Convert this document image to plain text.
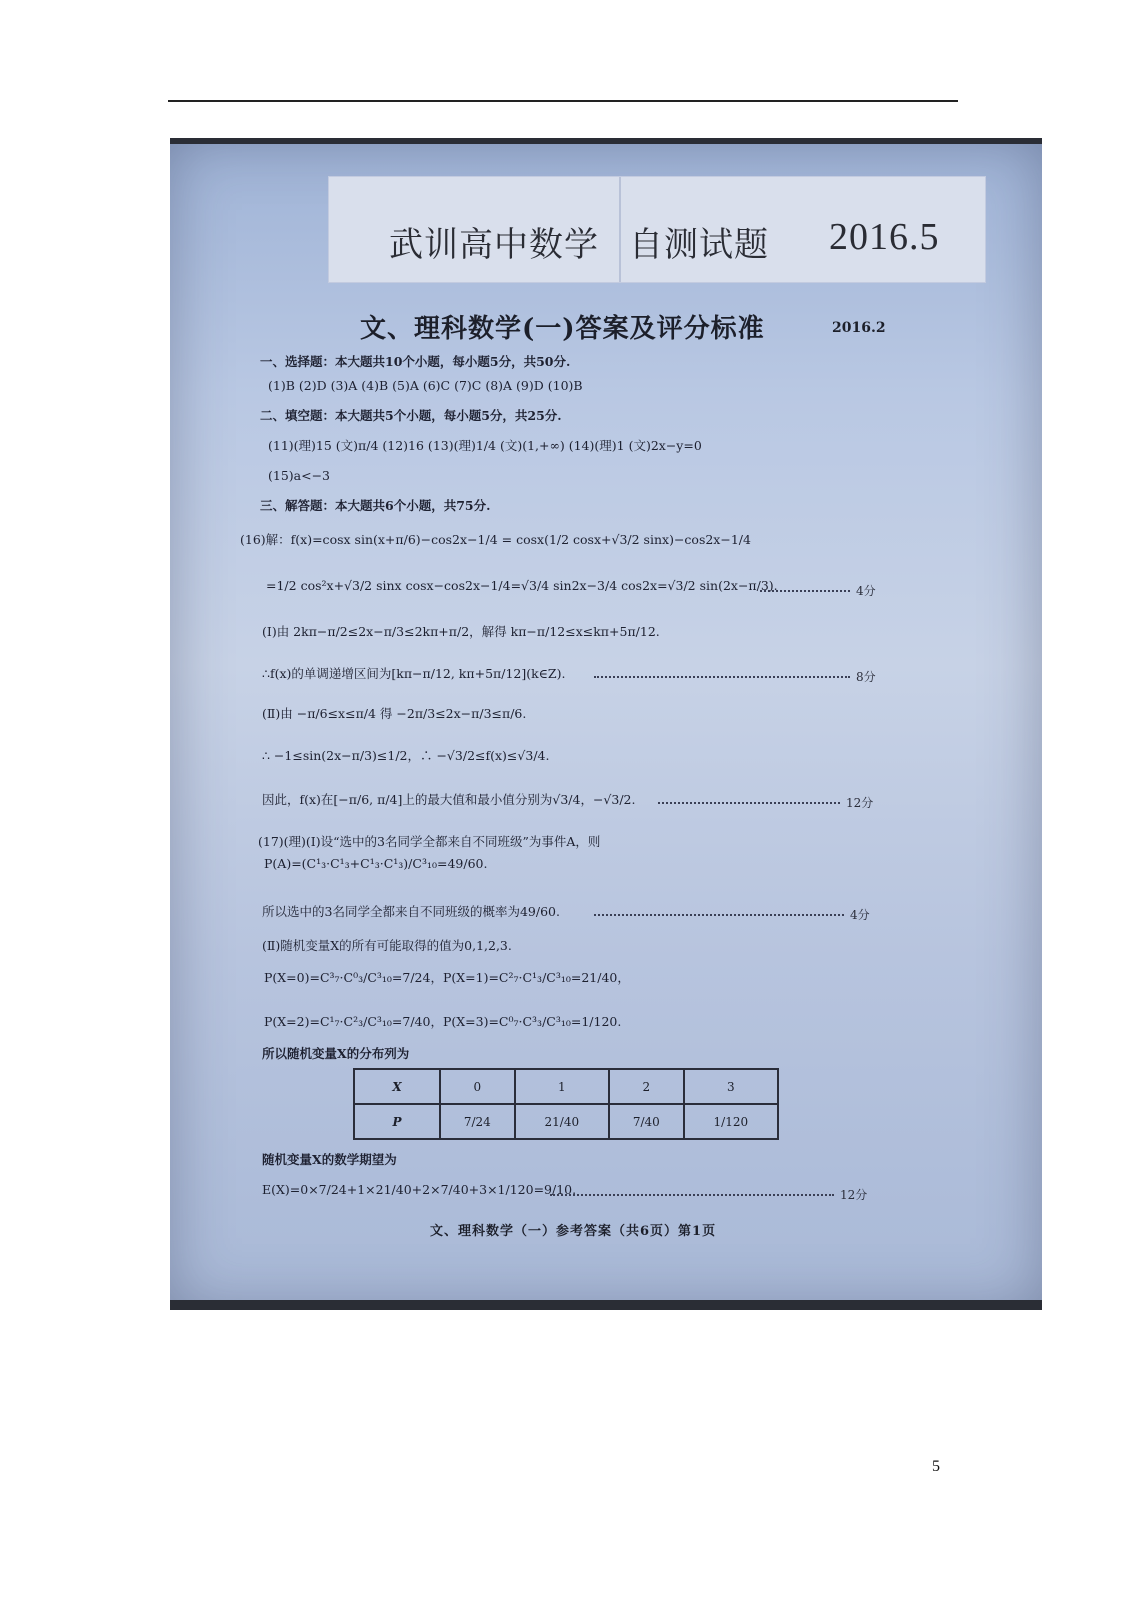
武训高中数学 自测试题 2016.5
文、理科数学(一)答案及评分标准	2016.2
一、选择题：本大题共10个小题，每小题5分，共50分.
(1)B (2)D (3)A (4)B (5)A (6)C (7)C (8)A (9)D (10)B
二、填空题：本大题共5个小题，每小题5分，共25分.
(11)(理)15 (文)π/4 (12)16 (13)(理)1/4 (文)(1,+∞) (14)(理)1 (文)2x−y=0
(15)a<−3
三、解答题：本大题共6个小题，共75分.
(16)解：f(x)=cosx sin(x+π/6)−cos2x−1/4 = cosx(1/2 cosx+√3/2 sinx)−cos2x−1/4
=1/2 cos²x+√3/2 sinx cosx−cos2x−1/4=√3/4 sin2x−3/4 cos2x=√3/2 sin(2x−π/3).	4分
(Ⅰ)由 2kπ−π/2≤2x−π/3≤2kπ+π/2，解得 kπ−π/12≤x≤kπ+5π/12.
∴f(x)的单调递增区间为[kπ−π/12, kπ+5π/12](k∈Z).	8分
(Ⅱ)由 −π/6≤x≤π/4 得 −2π/3≤2x−π/3≤π/6.
∴ −1≤sin(2x−π/3)≤1/2，∴ −√3/2≤f(x)≤√3/4.
因此，f(x)在[−π/6, π/4]上的最大值和最小值分别为√3/4，−√3/2.	12分
(17)(理)(Ⅰ)设“选中的3名同学全都来自不同班级”为事件A，则
P(A)=(C¹₃·C¹₃+C¹₃·C¹₃)/C³₁₀=49/60.
所以选中的3名同学全都来自不同班级的概率为49/60.	4分
(Ⅱ)随机变量X的所有可能取得的值为0,1,2,3.
P(X=0)=C³₇·C⁰₃/C³₁₀=7/24，P(X=1)=C²₇·C¹₃/C³₁₀=21/40，
P(X=2)=C¹₇·C²₃/C³₁₀=7/40，P(X=3)=C⁰₇·C³₃/C³₁₀=1/120.
所以随机变量X的分布列为
X	0	1	2	3
P	7/24	21/40	7/40	1/120
随机变量X的数学期望为
E(X)=0×7/24+1×21/40+2×7/40+3×1/120=9/10.	12分
文、理科数学（一）参考答案（共6页）第1页
5
